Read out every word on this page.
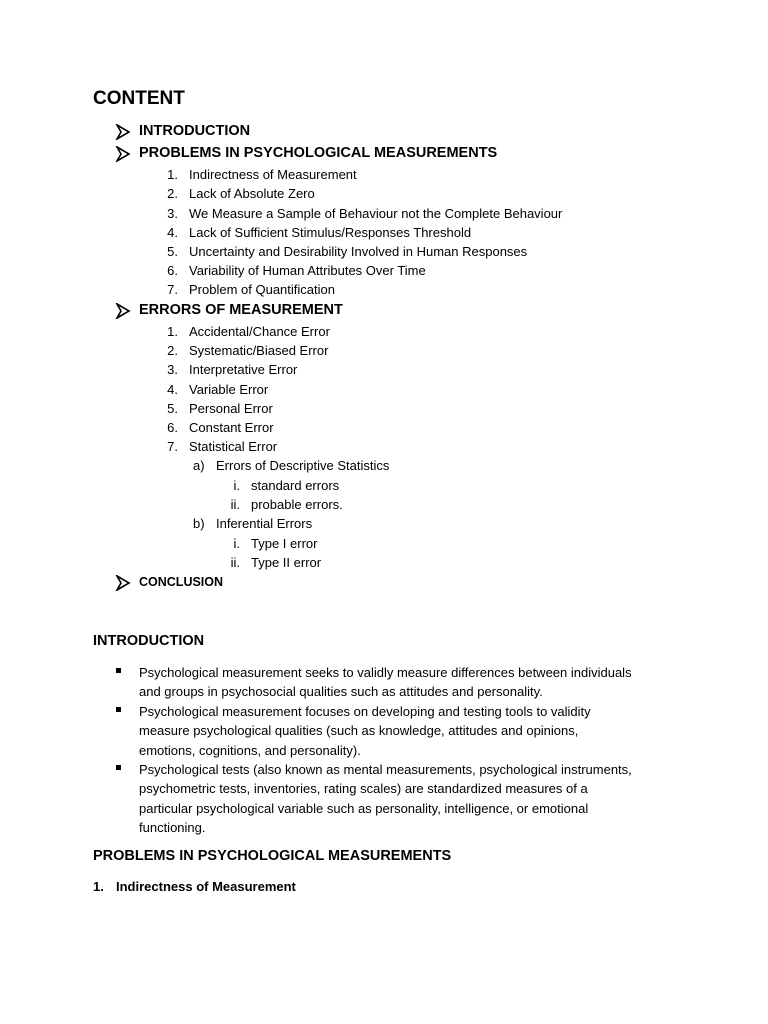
CONTENT
INTRODUCTION
PROBLEMS IN PSYCHOLOGICAL MEASUREMENTS
1. Indirectness of Measurement
2. Lack of Absolute Zero
3. We Measure a Sample of Behaviour not the Complete Behaviour
4. Lack of Sufficient Stimulus/Responses Threshold
5. Uncertainty and Desirability Involved in Human Responses
6. Variability of Human Attributes Over Time
7. Problem of Quantification
ERRORS OF MEASUREMENT
1. Accidental/Chance Error
2. Systematic/Biased Error
3. Interpretative Error
4. Variable Error
5. Personal Error
6. Constant Error
7. Statistical Error
a) Errors of Descriptive Statistics
i. standard errors
ii. probable errors.
b) Inferential Errors
i. Type I error
ii. Type II error
CONCLUSION
INTRODUCTION
Psychological measurement seeks to validly measure differences between individuals
and groups in psychosocial qualities such as attitudes and personality.
Psychological measurement focuses on developing and testing tools to validity
measure psychological qualities (such as knowledge, attitudes and opinions,
emotions, cognitions, and personality).
Psychological tests (also known as mental measurements, psychological instruments,
psychometric tests, inventories, rating scales) are standardized measures of a
particular psychological variable such as personality, intelligence, or emotional
functioning.
PROBLEMS IN PSYCHOLOGICAL MEASUREMENTS
1. Indirectness of Measurement
